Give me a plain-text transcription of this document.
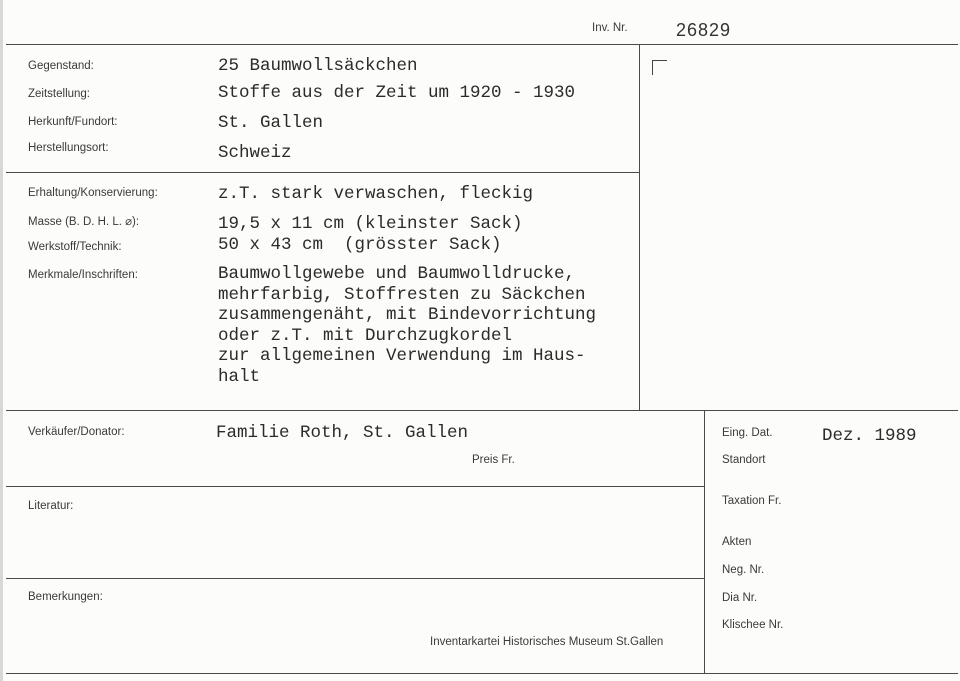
Inv. Nr.	26829
Gegenstand:	25 Baumwollsäckchen
Zeitstellung:	Stoffe aus der Zeit um 1920 - 1930
Herkunft/Fundort:	St. Gallen
Herstellungsort:	Schweiz
Erhaltung/Konservierung:	z.T. stark verwaschen, fleckig
Masse (B. D. H. L. ⌀):	19,5 x 11 cm (kleinster Sack)
Werkstoff/Technik:	50 x 43 cm  (grösster Sack)
Merkmale/Inschriften:	Baumwollgewebe und Baumwolldrucke,
mehrfarbig, Stoffresten zu Säckchen
zusammengenäht, mit Bindevorrichtung
oder z.T. mit Durchzugkordel
zur allgemeinen Verwendung im Haus-
halt
Verkäufer/Donator:	Familie Roth, St. Gallen
Preis Fr.
Literatur:
Bemerkungen:
Inventarkartei Historisches Museum St.Gallen
Eing. Dat.	Dez. 1989
Standort
Taxation Fr.
Akten
Neg. Nr.
Dia Nr.
Klischee Nr.
